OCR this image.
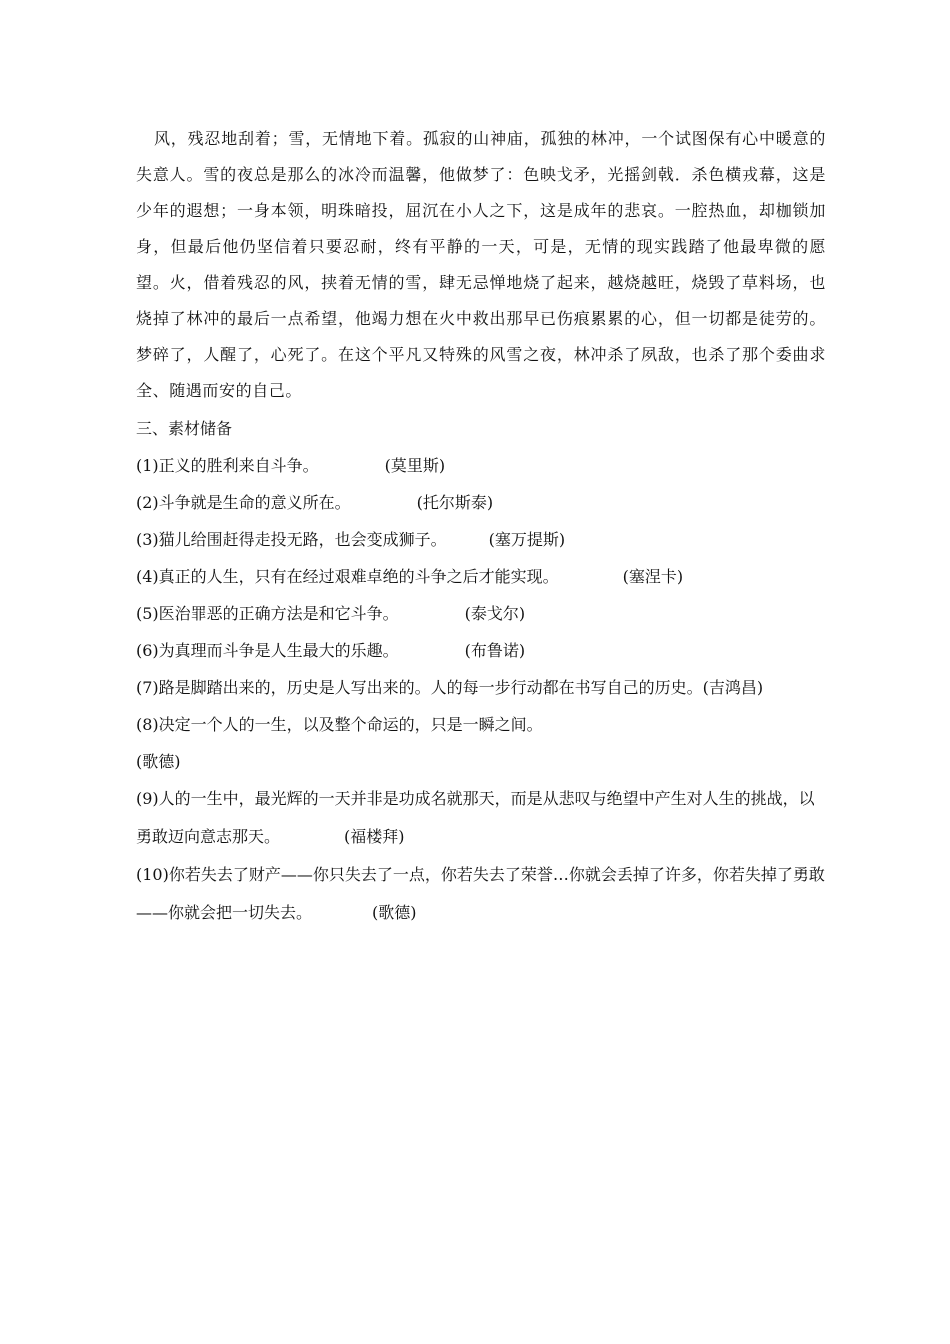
风，残忍地刮着；雪，无情地下着。孤寂的山神庙，孤独的林冲，一个试图保有心中暖意的失意人。雪的夜总是那么的冰冷而温馨，他做梦了：色映戈矛，光摇剑戟．杀色横戎幕，这是少年的遐想；一身本领，明珠暗投，屈沉在小人之下，这是成年的悲哀。一腔热血，却枷锁加身，但最后他仍坚信着只要忍耐，终有平静的一天，可是，无情的现实践踏了他最卑微的愿望。火，借着残忍的风，挟着无情的雪，肆无忌惮地烧了起来，越烧越旺，烧毁了草料场，也烧掉了林冲的最后一点希望，他竭力想在火中救出那早已伤痕累累的心，但一切都是徒劳的。梦碎了，人醒了，心死了。在这个平凡又特殊的风雪之夜，林冲杀了夙敌，也杀了那个委曲求全、随遇而安的自己。

三、素材储备
(1)正义的胜利来自斗争。	(莫里斯)
(2)斗争就是生命的意义所在。	(托尔斯泰)
(3)猫儿给围赶得走投无路，也会变成狮子。	(塞万提斯)
(4)真正的人生，只有在经过艰难卓绝的斗争之后才能实现。	(塞涅卡)
(5)医治罪恶的正确方法是和它斗争。	(泰戈尔)
(6)为真理而斗争是人生最大的乐趣。	(布鲁诺)
(7)路是脚踏出来的，历史是人写出来的。人的每一步行动都在书写自己的历史。(吉鸿昌)
(8)决定一个人的一生，以及整个命运的，只是一瞬之间。
(歌德)
(9)人的一生中，最光辉的一天并非是功成名就那天，而是从悲叹与绝望中产生对人生的挑战，以勇敢迈向意志那天。	(福楼拜)
(10)你若失去了财产——你只失去了一点，你若失去了荣誉…你就会丢掉了许多，你若失掉了勇敢——你就会把一切失去。	(歌德)
